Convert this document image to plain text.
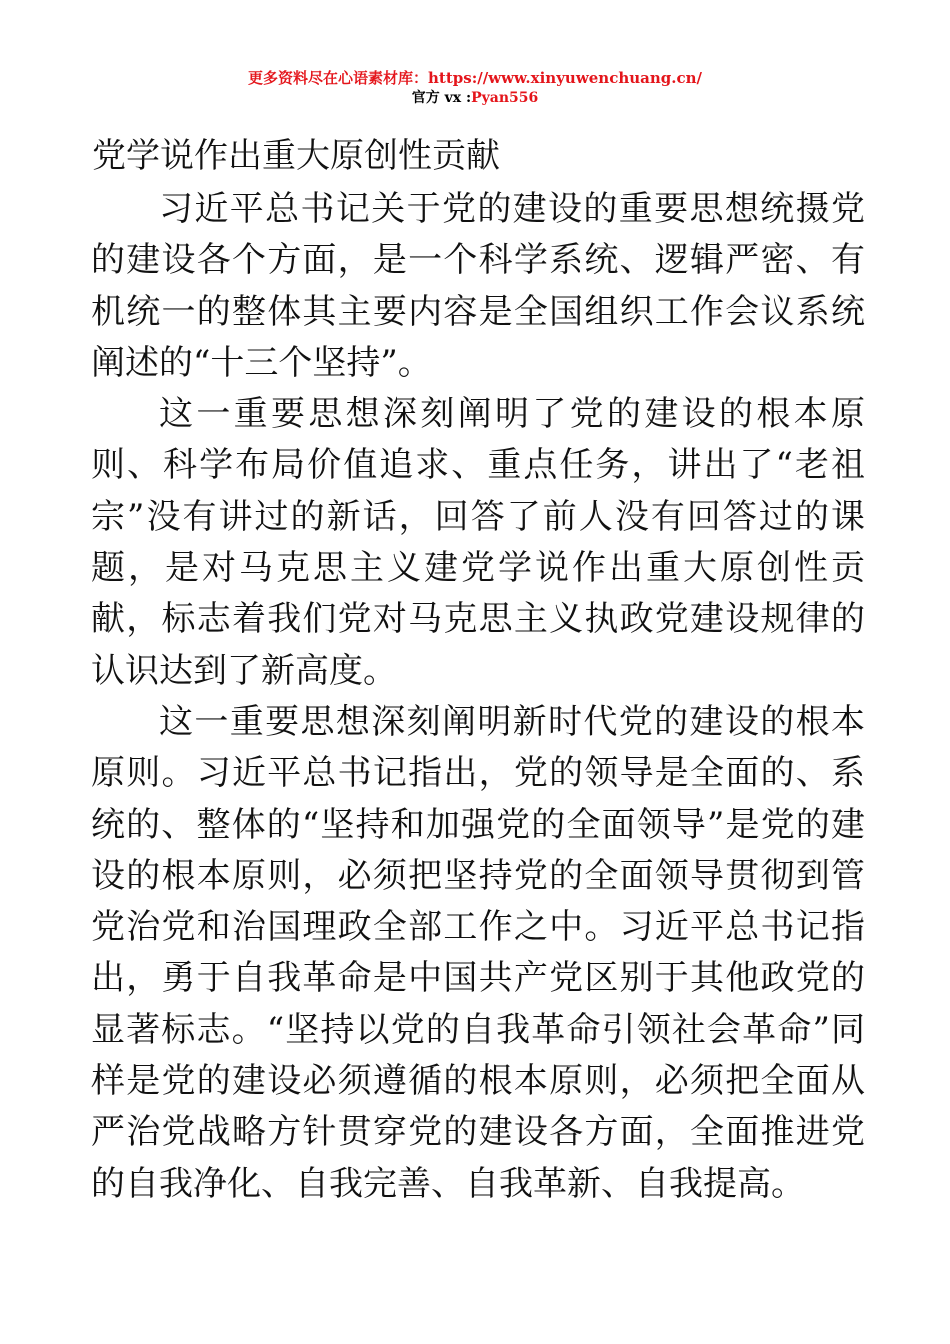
更多资料尽在心语素材库：https://www.xinyuwenchuang.cn/
官方 vx :Pyan556
党学说作出重大原创性贡献

习近平总书记关于党的建设的重要思想统摄党的建设各个方面，是一个科学系统、逻辑严密、有机统一的整体其主要内容是全国组织工作会议系统阐述的“十三个坚持”。

这一重要思想深刻阐明了党的建设的根本原则、科学布局价值追求、重点任务，讲出了“老祖宗”没有讲过的新话，回答了前人没有回答过的课题，是对马克思主义建党学说作出重大原创性贡献，标志着我们党对马克思主义执政党建设规律的认识达到了新高度。

这一重要思想深刻阐明新时代党的建设的根本原则。习近平总书记指出，党的领导是全面的、系统的、整体的“坚持和加强党的全面领导”是党的建设的根本原则，必须把坚持党的全面领导贯彻到管党治党和治国理政全部工作之中。习近平总书记指出，勇于自我革命是中国共产党区别于其他政党的显著标志。“坚持以党的自我革命引领社会革命”同样是党的建设必须遵循的根本原则，必须把全面从严治党战略方针贯穿党的建设各方面，全面推进党的自我净化、自我完善、自我革新、自我提高。
